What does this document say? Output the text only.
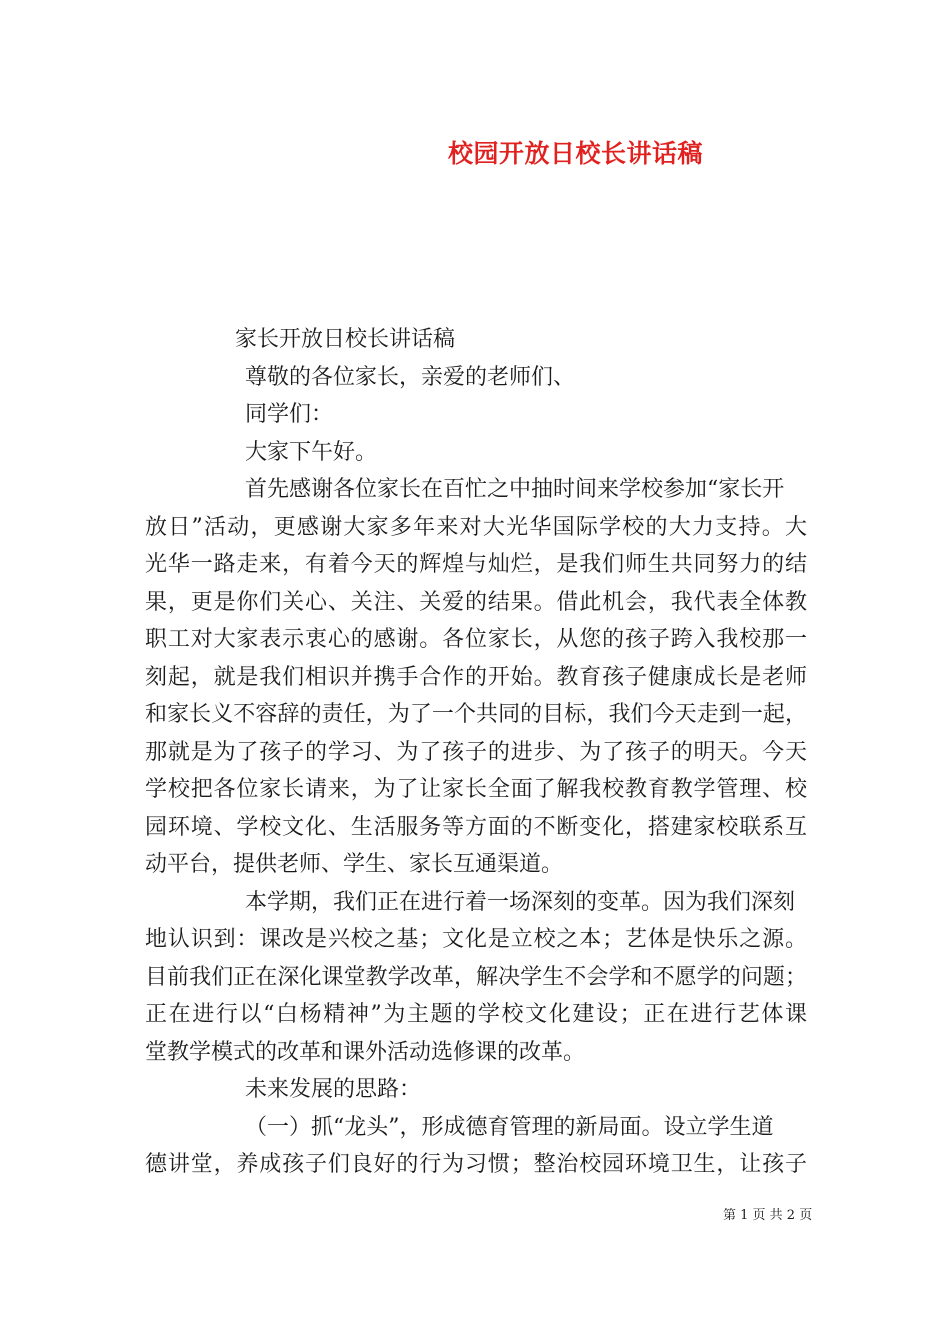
校园开放日校长讲话稿
家长开放日校长讲话稿
尊敬的各位家长，亲爱的老师们、
同学们：
大家下午好。
首先感谢各位家长在百忙之中抽时间来学校参加“家长开
放日”活动，更感谢大家多年来对大光华国际学校的大力支持。大
光华一路走来，有着今天的辉煌与灿烂，是我们师生共同努力的结
果，更是你们关心、关注、关爱的结果。借此机会，我代表全体教
职工对大家表示衷心的感谢。各位家长，从您的孩子跨入我校那一
刻起，就是我们相识并携手合作的开始。教育孩子健康成长是老师
和家长义不容辞的责任，为了一个共同的目标，我们今天走到一起，
那就是为了孩子的学习、为了孩子的进步、为了孩子的明天。今天
学校把各位家长请来，为了让家长全面了解我校教育教学管理、校
园环境、学校文化、生活服务等方面的不断变化，搭建家校联系互
动平台，提供老师、学生、家长互通渠道。
本学期，我们正在进行着一场深刻的变革。因为我们深刻
地认识到：课改是兴校之基；文化是立校之本；艺体是快乐之源。
目前我们正在深化课堂教学改革，解决学生不会学和不愿学的问题；
正在进行以“白杨精神”为主题的学校文化建设；正在进行艺体课
堂教学模式的改革和课外活动选修课的改革。
未来发展的思路：
（一）抓“龙头”，形成德育管理的新局面。设立学生道
德讲堂，养成孩子们良好的行为习惯；整治校园环境卫生，让孩子
第 1 页 共 2 页
